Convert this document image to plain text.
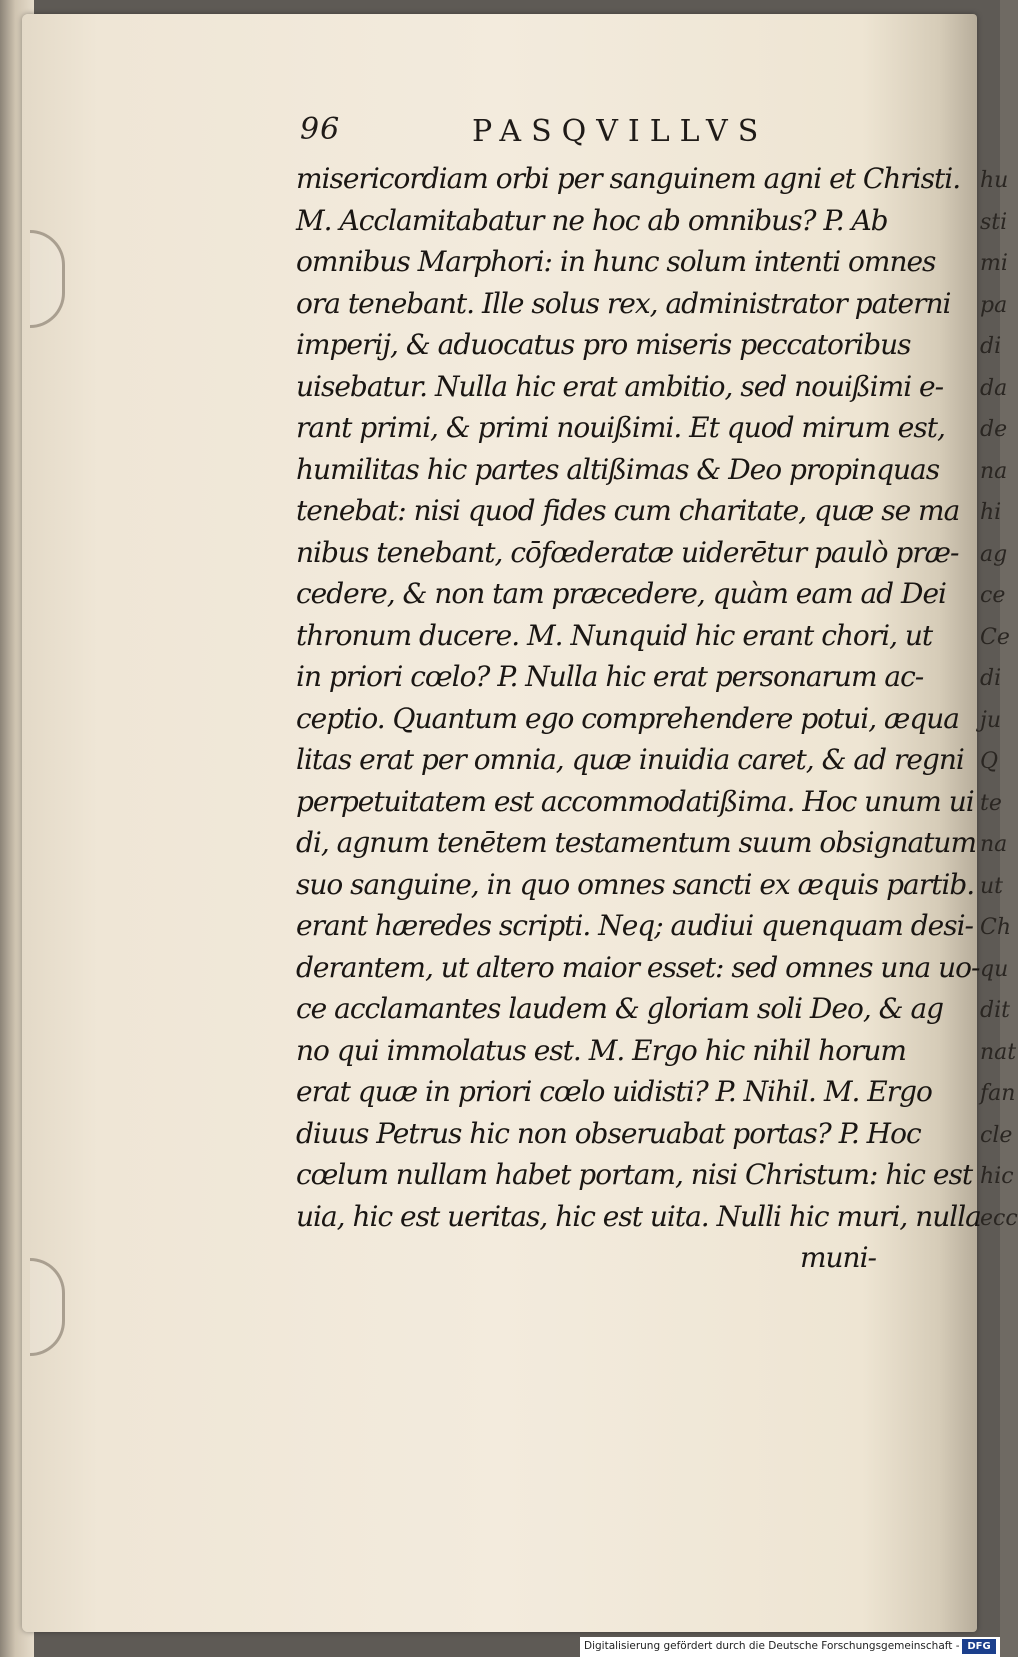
hu
sti
mi
pa
di
da
de
na
hi
ag
ce
Ce
di
ju
Q
te
na
ut
Ch
qu
dit
nat
fan
cle
hic
ecc
96	PASQVILLVS
misericordiam orbi per sanguinem agni et Christi.
M. Acclamitabatur ne hoc ab omnibus? P. Ab
omnibus Marphori: in hunc solum intenti omnes
ora tenebant. Ille solus rex, administrator paterni
imperij, & aduocatus pro miseris peccatoribus
uisebatur. Nulla hic erat ambitio, sed nouißimi e-
rant primi, & primi nouißimi. Et quod mirum est,
humilitas hic partes altißimas & Deo propinquas
tenebat: nisi quod fides cum charitate, quæ se ma
nibus tenebant, cōfœderatæ uiderētur paulò præ-
cedere, & non tam præcedere, quàm eam ad Dei
thronum ducere. M. Nunquid hic erant chori, ut
in priori cœlo? P. Nulla hic erat personarum ac-
ceptio. Quantum ego comprehendere potui, æqua
litas erat per omnia, quæ inuidia caret, & ad regni
perpetuitatem est accommodatißima. Hoc unum ui
di, agnum tenētem testamentum suum obsignatum
suo sanguine, in quo omnes sancti ex æquis partib.
erant hæredes scripti. Neq; audiui quenquam desi-
derantem, ut altero maior esset: sed omnes una uo-
ce acclamantes laudem & gloriam soli Deo, & ag
no qui immolatus est. M. Ergo hic nihil horum
erat quæ in priori cœlo uidisti? P. Nihil. M. Ergo
diuus Petrus hic non obseruabat portas? P. Hoc
cœlum nullam habet portam, nisi Christum: hic est
uia, hic est ueritas, hic est uita. Nulli hic muri, nulla
muni-
Digitalisierung gefördert durch die Deutsche Forschungsgemeinschaft - DFG
